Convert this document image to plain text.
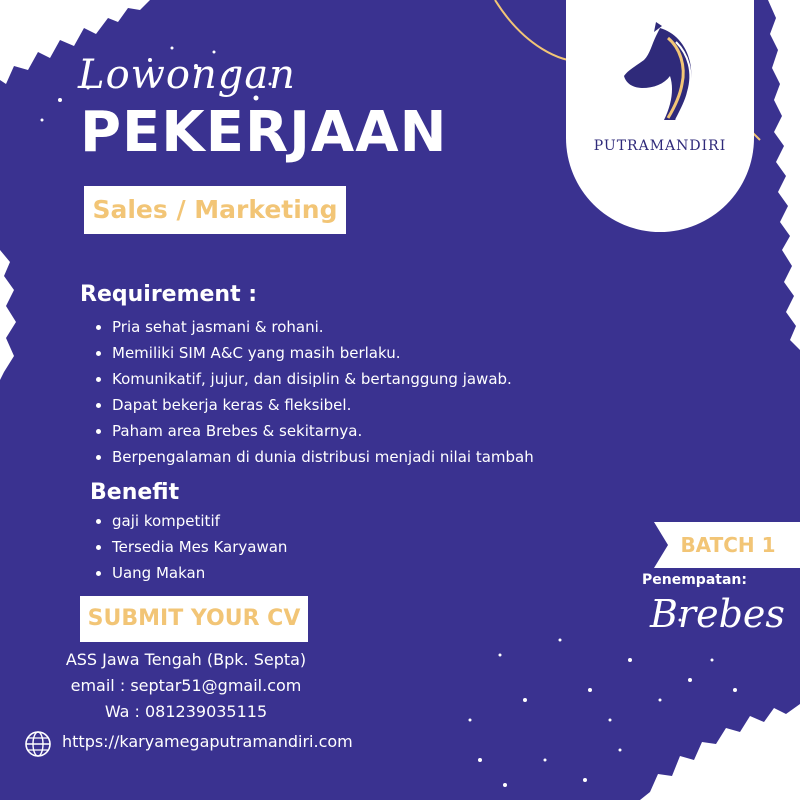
Lowongan
PEKERJAAN
Sales / Marketing
Requirement :
Pria sehat jasmani & rohani.
Memiliki SIM A&C yang masih berlaku.
Komunikatif, jujur, dan disiplin & bertanggung jawab.
Dapat bekerja keras & fleksibel.
Paham area Brebes & sekitarnya.
Berpengalaman di dunia distribusi menjadi nilai tambah
Benefit
gaji kompetitif
Tersedia Mes Karyawan
Uang Makan
SUBMIT YOUR CV
ASS Jawa Tengah (Bpk. Septa)
email : septar51@gmail.com
Wa : 081239035115
https://karyamegaputramandiri.com
PUTRAMANDIRI
BATCH 1
Penempatan:
Brebes
